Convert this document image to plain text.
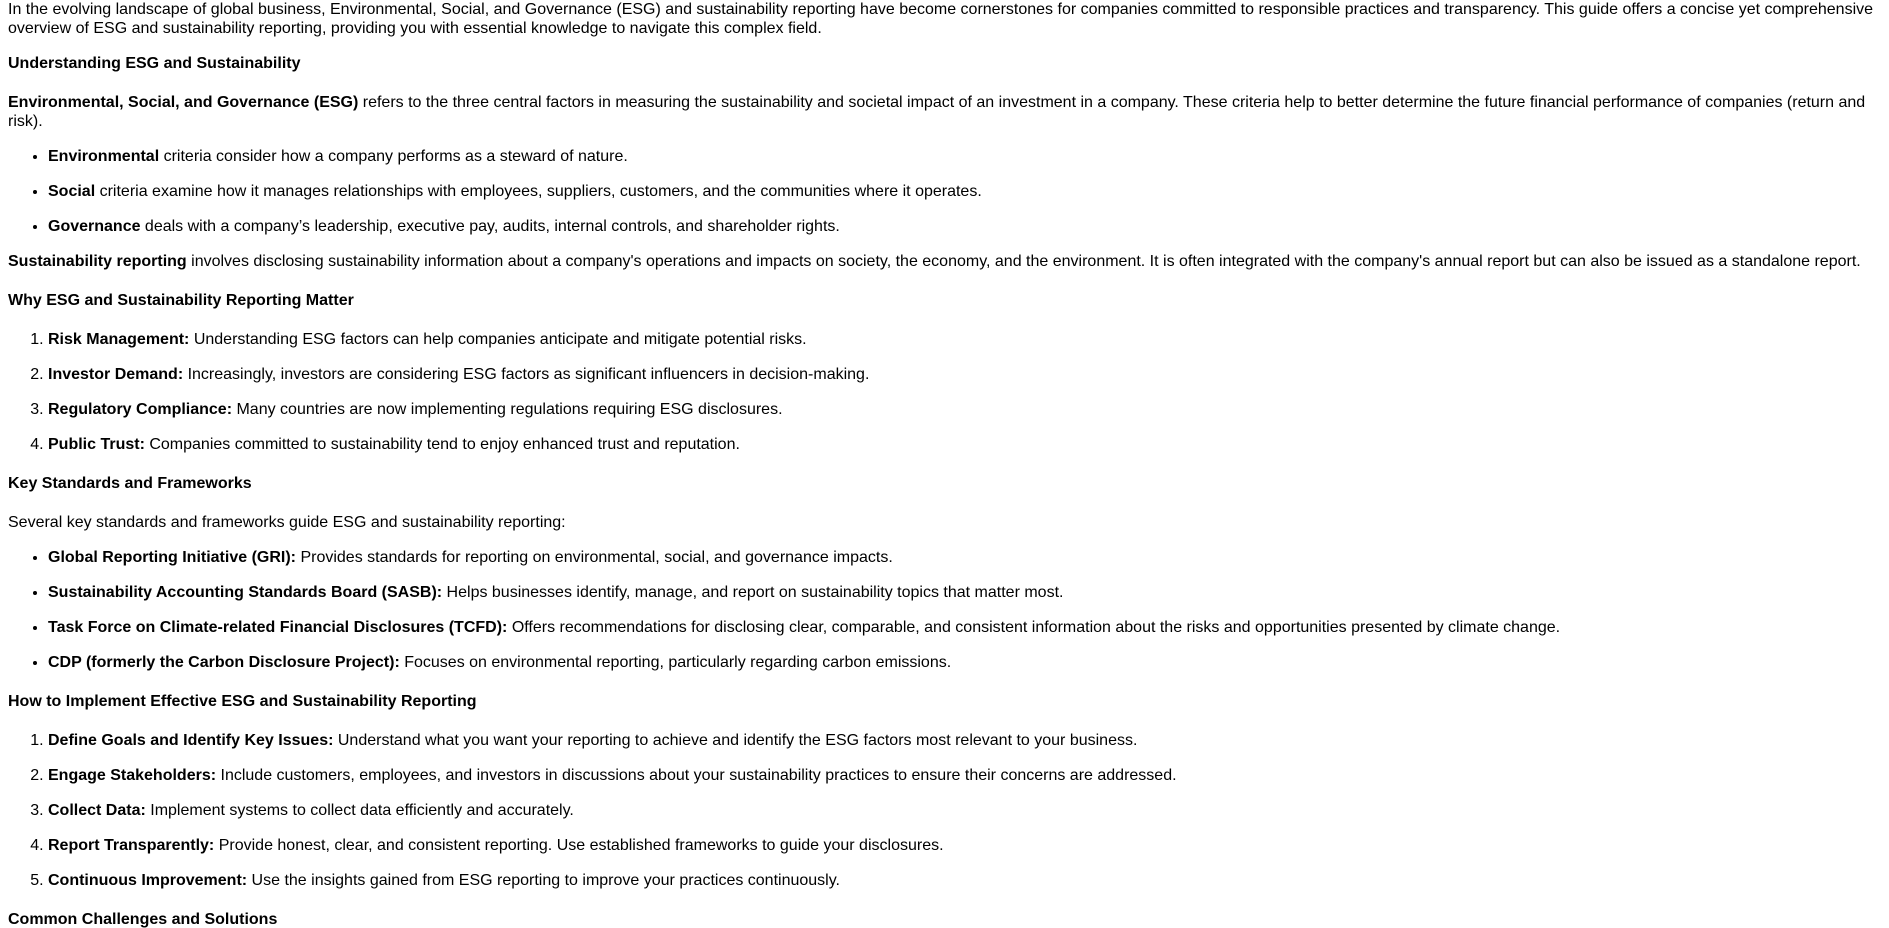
In the evolving landscape of global business, Environmental, Social, and Governance (ESG) and sustainability reporting have become cornerstones for companies committed to responsible practices and transparency. This guide offers a concise yet comprehensive overview of ESG and sustainability reporting, providing you with essential knowledge to navigate this complex field.

Understanding ESG and Sustainability

Environmental, Social, and Governance (ESG) refers to the three central factors in measuring the sustainability and societal impact of an investment in a company. These criteria help to better determine the future financial performance of companies (return and risk).

• Environmental criteria consider how a company performs as a steward of nature.
• Social criteria examine how it manages relationships with employees, suppliers, customers, and the communities where it operates.
• Governance deals with a company’s leadership, executive pay, audits, internal controls, and shareholder rights.

Sustainability reporting involves disclosing sustainability information about a company's operations and impacts on society, the economy, and the environment. It is often integrated with the company's annual report but can also be issued as a standalone report.

Why ESG and Sustainability Reporting Matter

1. Risk Management: Understanding ESG factors can help companies anticipate and mitigate potential risks.
2. Investor Demand: Increasingly, investors are considering ESG factors as significant influencers in decision-making.
3. Regulatory Compliance: Many countries are now implementing regulations requiring ESG disclosures.
4. Public Trust: Companies committed to sustainability tend to enjoy enhanced trust and reputation.

Key Standards and Frameworks

Several key standards and frameworks guide ESG and sustainability reporting:

• Global Reporting Initiative (GRI): Provides standards for reporting on environmental, social, and governance impacts.
• Sustainability Accounting Standards Board (SASB): Helps businesses identify, manage, and report on sustainability topics that matter most.
• Task Force on Climate-related Financial Disclosures (TCFD): Offers recommendations for disclosing clear, comparable, and consistent information about the risks and opportunities presented by climate change.
• CDP (formerly the Carbon Disclosure Project): Focuses on environmental reporting, particularly regarding carbon emissions.

How to Implement Effective ESG and Sustainability Reporting

1. Define Goals and Identify Key Issues: Understand what you want your reporting to achieve and identify the ESG factors most relevant to your business.
2. Engage Stakeholders: Include customers, employees, and investors in discussions about your sustainability practices to ensure their concerns are addressed.
3. Collect Data: Implement systems to collect data efficiently and accurately.
4. Report Transparently: Provide honest, clear, and consistent reporting. Use established frameworks to guide your disclosures.
5. Continuous Improvement: Use the insights gained from ESG reporting to improve your practices continuously.

Common Challenges and Solutions
